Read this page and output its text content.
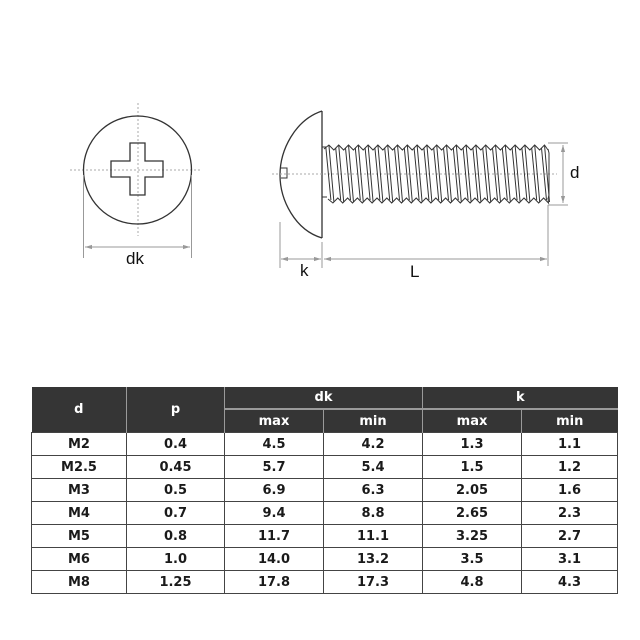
dk
k	L
d
d	p	dk		k	
		max	min	max	min
M2	0.4	4.5	4.2	1.3	1.1
M2.5	0.45	5.7	5.4	1.5	1.2
M3	0.5	6.9	6.3	2.05	1.6
M4	0.7	9.4	8.8	2.65	2.3
M5	0.8	11.7	11.1	3.25	2.7
M6	1.0	14.0	13.2	3.5	3.1
M8	1.25	17.8	17.3	4.8	4.3
